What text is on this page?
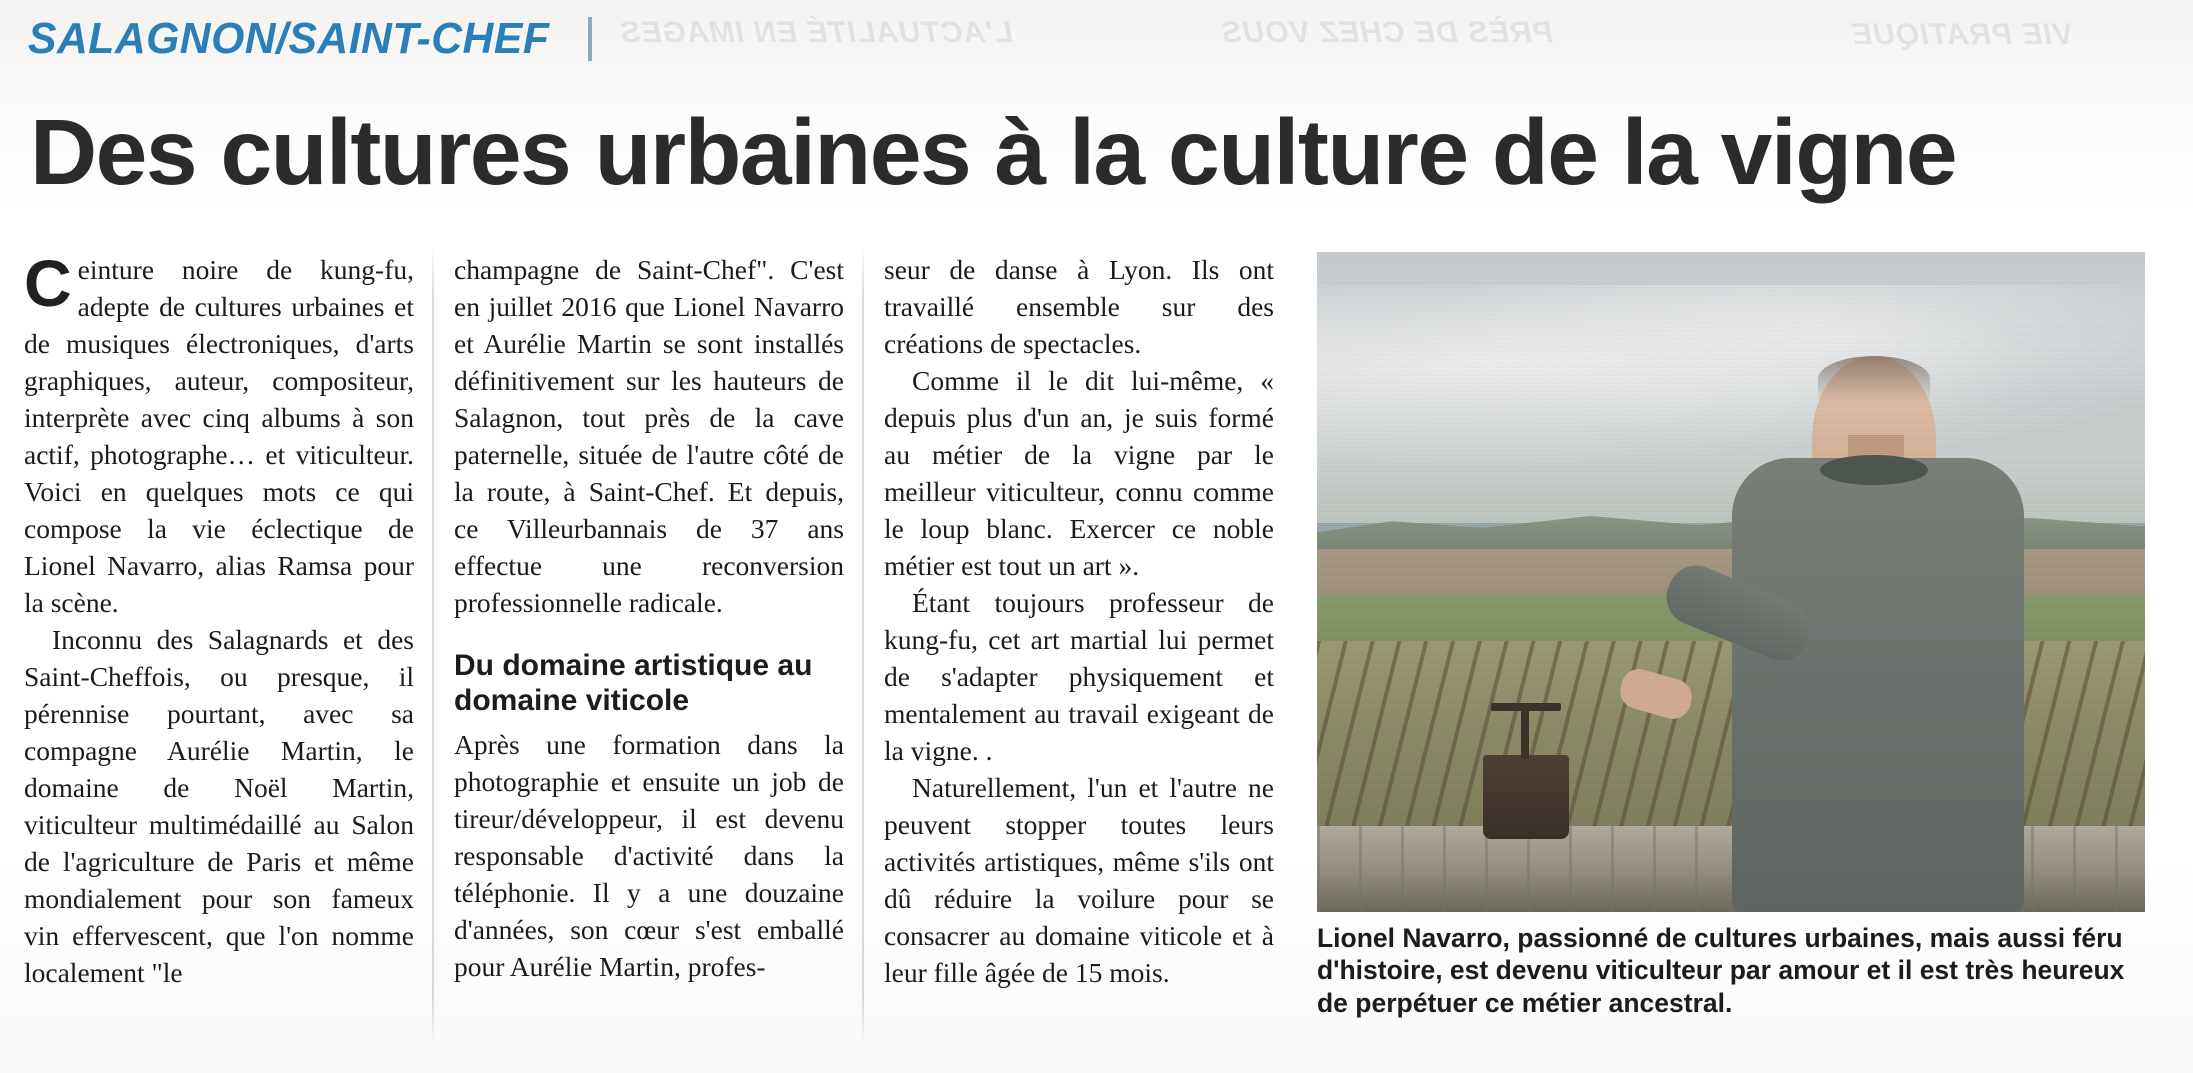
VIE PRATIQUE
PRÈS DE CHEZ VOUS
L'ACTUALITÉ EN IMAGES
SALAGNON/SAINT-CHEF
Des cultures urbaines à la culture de la vigne

Ceinture noire de kung-fu, adepte de cultures urbaines et de musiques électroniques, d'arts graphiques, auteur, compositeur, interprète avec cinq albums à son actif, photographe… et viticulteur. Voici en quelques mots ce qui compose la vie éclectique de Lionel Navarro, alias Ramsa pour la scène.

Inconnu des Salagnards et des Saint-Cheffois, ou presque, il pérennise pourtant, avec sa compagne Aurélie Martin, le domaine de Noël Martin, viticulteur multimédaillé au Salon de l'agriculture de Paris et même mondialement pour son fameux vin effervescent, que l'on nomme localement "le

champagne de Saint-Chef". C'est en juillet 2016 que Lionel Navarro et Aurélie Martin se sont installés définitivement sur les hauteurs de Salagnon, tout près de la cave paternelle, située de l'autre côté de la route, à Saint-Chef. Et depuis, ce Villeurbannais de 37 ans effectue une reconversion professionnelle radicale.

Du domaine artistique au domaine viticole

Après une formation dans la photographie et ensuite un job de tireur/développeur, il est devenu responsable d'activité dans la téléphonie. Il y a une douzaine d'années, son cœur s'est emballé pour Aurélie Martin, profes-

seur de danse à Lyon. Ils ont travaillé ensemble sur des créations de spectacles.

Comme il le dit lui-même, « depuis plus d'un an, je suis formé au métier de la vigne par le meilleur viticulteur, connu comme le loup blanc. Exercer ce noble métier est tout un art ».

Étant toujours professeur de kung-fu, cet art martial lui permet de s'adapter physiquement et mentalement au travail exigeant de la vigne. .

Naturellement, l'un et l'autre ne peuvent stopper toutes leurs activités artistiques, même s'ils ont dû réduire la voilure pour se consacrer au domaine viticole et à leur fille âgée de 15 mois.

Lionel Navarro, passionné de cultures urbaines, mais aussi féru d'histoire, est devenu viticulteur par amour et il est très heureux de perpétuer ce métier ancestral.
